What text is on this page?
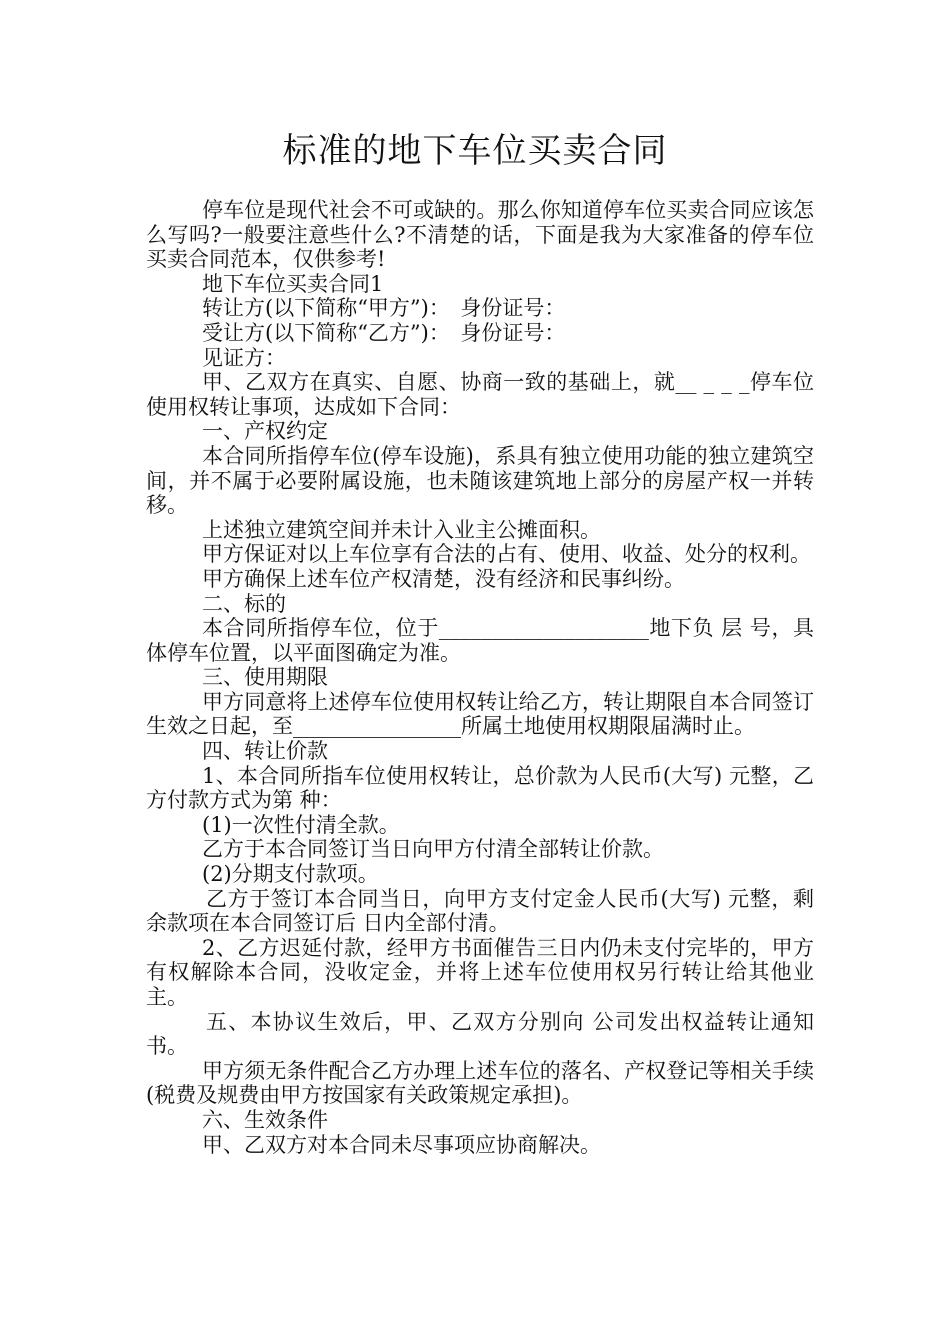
标准的地下车位买卖合同

停车位是现代社会不可或缺的。那么你知道停车位买卖合同应该怎么写吗?一般要注意些什么?不清楚的话，下面是我为大家准备的停车位买卖合同范本，仅供参考!

地下车位买卖合同1

转让方(以下简称“甲方”)：　身份证号：

受让方(以下简称“乙方”)：　身份证号：

见证方：

甲、乙双方在真实、自愿、协商一致的基础上，就__ _ _ _停车位使用权转让事项，达成如下合同：

一、产权约定

本合同所指停车位(停车设施)，系具有独立使用功能的独立建筑空间，并不属于必要附属设施，也未随该建筑地上部分的房屋产权一并转移。

上述独立建筑空间并未计入业主公摊面积。

甲方保证对以上车位享有合法的占有、使用、收益、处分的权利。

甲方确保上述车位产权清楚，没有经济和民事纠纷。

二、标的

本合同所指停车位，位于____________________地下负 层 号，具体停车位置，以平面图确定为准。

三、使用期限

甲方同意将上述停车位使用权转让给乙方，转让期限自本合同签订生效之日起，至________________所属土地使用权期限届满时止。

四、转让价款

1、本合同所指车位使用权转让，总价款为人民币(大写) 元整，乙方付款方式为第 种：

(1)一次性付清全款。

乙方于本合同签订当日向甲方付清全部转让价款。

(2)分期支付款项。

乙方于签订本合同当日，向甲方支付定金人民币(大写) 元整，剩余款项在本合同签订后 日内全部付清。

2、乙方迟延付款，经甲方书面催告三日内仍未支付完毕的，甲方有权解除本合同，没收定金，并将上述车位使用权另行转让给其他业主。

五、本协议生效后，甲、乙双方分别向 公司发出权益转让通知书。

甲方须无条件配合乙方办理上述车位的落名、产权登记等相关手续(税费及规费由甲方按国家有关政策规定承担)。

六、生效条件

甲、乙双方对本合同未尽事项应协商解决。
